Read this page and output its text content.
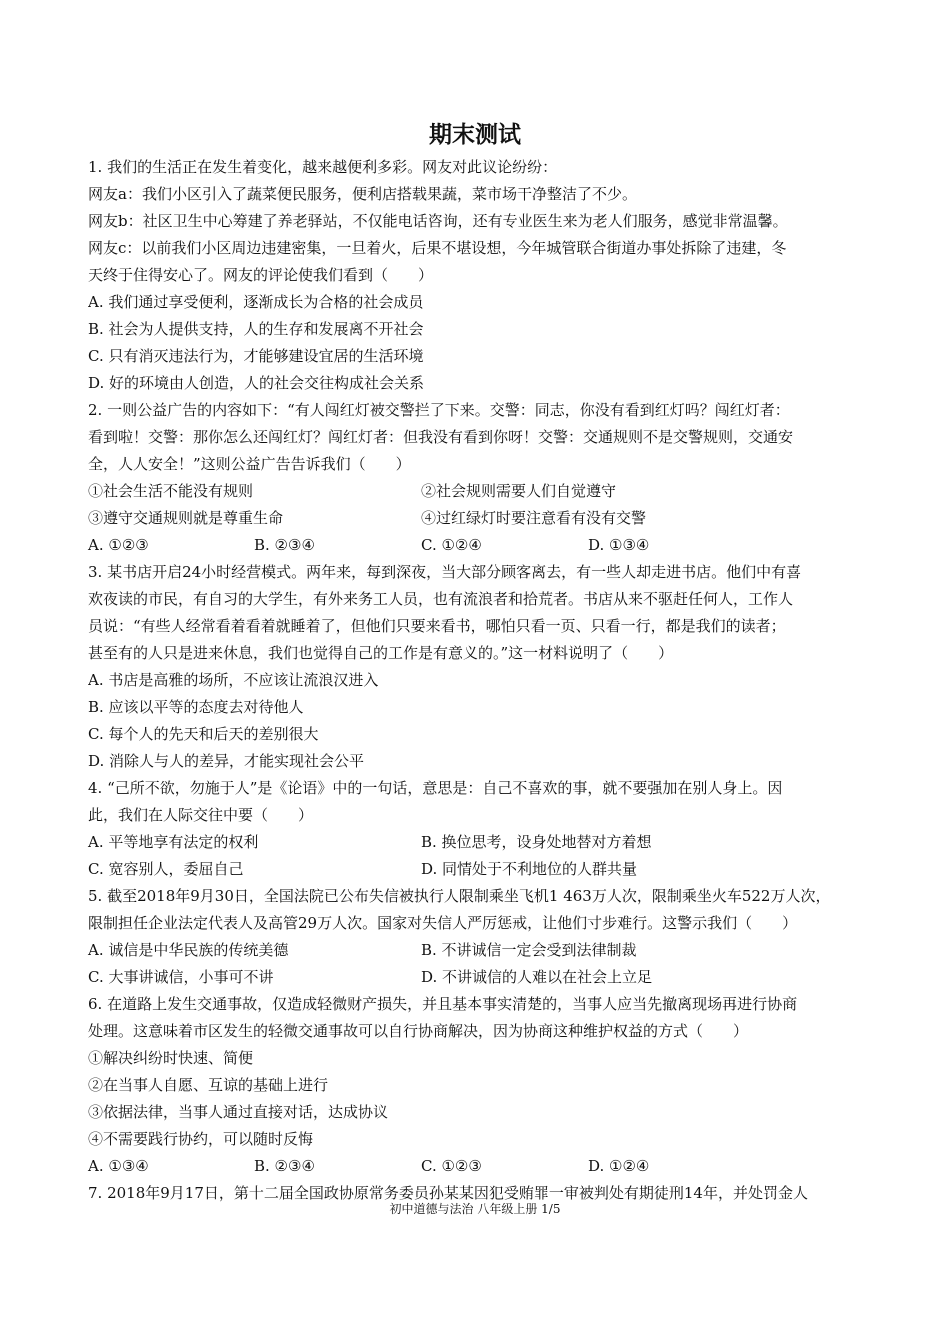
期末测试
1. 我们的生活正在发生着变化，越来越便利多彩。网友对此议论纷纷：
网友a：我们小区引入了蔬菜便民服务，便利店搭载果蔬，菜市场干净整洁了不少。
网友b：社区卫生中心筹建了养老驿站，不仅能电话咨询，还有专业医生来为老人们服务，感觉非常温馨。
网友c：以前我们小区周边违建密集，一旦着火，后果不堪设想，今年城管联合街道办事处拆除了违建，冬
天终于住得安心了。网友的评论使我们看到（　　）
A. 我们通过享受便利，逐渐成长为合格的社会成员
B. 社会为人提供支持，人的生存和发展离不开社会
C. 只有消灭违法行为，才能够建设宜居的生活环境
D. 好的环境由人创造，人的社会交往构成社会关系
2. 一则公益广告的内容如下：“有人闯红灯被交警拦了下来。交警：同志，你没有看到红灯吗？闯红灯者：
看到啦！交警：那你怎么还闯红灯？闯红灯者：但我没有看到你呀！交警：交通规则不是交警规则，交通安
全，人人安全！”这则公益广告告诉我们（　　）
①社会生活不能没有规则	②社会规则需要人们自觉遵守
③遵守交通规则就是尊重生命	④过红绿灯时要注意看有没有交警
A. ①②③	B. ②③④	C. ①②④	D. ①③④
3. 某书店开启24小时经营模式。两年来，每到深夜，当大部分顾客离去，有一些人却走进书店。他们中有喜
欢夜读的市民，有自习的大学生，有外来务工人员，也有流浪者和拾荒者。书店从来不驱赶任何人，工作人
员说：“有些人经常看着看着就睡着了，但他们只要来看书，哪怕只看一页、只看一行，都是我们的读者；
甚至有的人只是进来休息，我们也觉得自己的工作是有意义的。”这一材料说明了（　　）
A. 书店是高雅的场所，不应该让流浪汉进入
B. 应该以平等的态度去对待他人
C. 每个人的先天和后天的差别很大
D. 消除人与人的差异，才能实现社会公平
4. “己所不欲，勿施于人”是《论语》中的一句话，意思是：自己不喜欢的事，就不要强加在别人身上。因
此，我们在人际交往中要（　　）
A. 平等地享有法定的权利	B. 换位思考，设身处地替对方着想
C. 宽容别人，委屈自己	D. 同情处于不利地位的人群共量
5. 截至2018年9月30日，全国法院已公布失信被执行人限制乘坐飞机1 463万人次，限制乘坐火车522万人次，
限制担任企业法定代表人及高管29万人次。国家对失信人严厉惩戒，让他们寸步难行。这警示我们（　　）
A. 诚信是中华民族的传统美德	B. 不讲诚信一定会受到法律制裁
C. 大事讲诚信，小事可不讲	D. 不讲诚信的人难以在社会上立足
6. 在道路上发生交通事故，仅造成轻微财产损失，并且基本事实清楚的，当事人应当先撤离现场再进行协商
处理。这意味着市区发生的轻微交通事故可以自行协商解决，因为协商这种维护权益的方式（　　）
①解决纠纷时快速、简便
②在当事人自愿、互谅的基础上进行
③依据法律，当事人通过直接对话，达成协议
④不需要践行协约，可以随时反悔
A. ①③④	B. ②③④	C. ①②③	D. ①②④
7. 2018年9月17日，第十二届全国政协原常务委员孙某某因犯受贿罪一审被判处有期徒刑14年，并处罚金人
初中道德与法治 八年级上册 1/5
